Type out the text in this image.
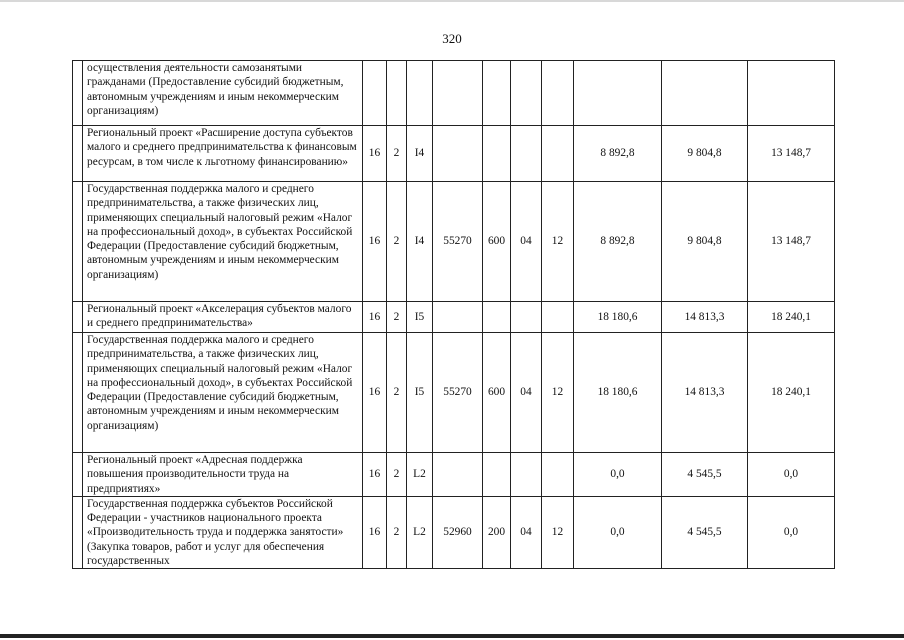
320
	осуществления деятельности самозанятыми гражданами (Предоставление субсидий бюджетным, автономным учреждениям и иным некоммерческим организациям)										
	Региональный проект «Расширение доступа субъектов малого и среднего предпринимательства к финансовым ресурсам, в том числе к льготному финансированию»	16	2	I4					8 892,8	9 804,8	13 148,7
	Государственная поддержка малого и среднего предпринимательства, а также физических лиц, применяющих специальный налоговый режим «Налог на профессиональный доход», в субъектах Российской Федерации (Предоставление субсидий бюджетным, автономным учреждениям и иным некоммерческим организациям)	16	2	I4	55270	600	04	12	8 892,8	9 804,8	13 148,7
	Региональный проект «Акселерация субъектов малого и среднего предпринимательства»	16	2	I5					18 180,6	14 813,3	18 240,1
	Государственная поддержка малого и среднего предпринимательства, а также физических лиц, применяющих специальный налоговый режим «Налог на профессиональный доход», в субъектах Российской Федерации (Предоставление субсидий бюджетным, автономным учреждениям и иным некоммерческим организациям)	16	2	I5	55270	600	04	12	18 180,6	14 813,3	18 240,1
	Региональный проект «Адресная поддержка повышения производительности труда на предприятиях»	16	2	L2					0,0	4 545,5	0,0
	Государственная поддержка субъектов Российской Федерации - участников национального проекта «Производительность труда и поддержка занятости» (Закупка товаров, работ и услуг для обеспечения государственных	16	2	L2	52960	200	04	12	0,0	4 545,5	0,0
